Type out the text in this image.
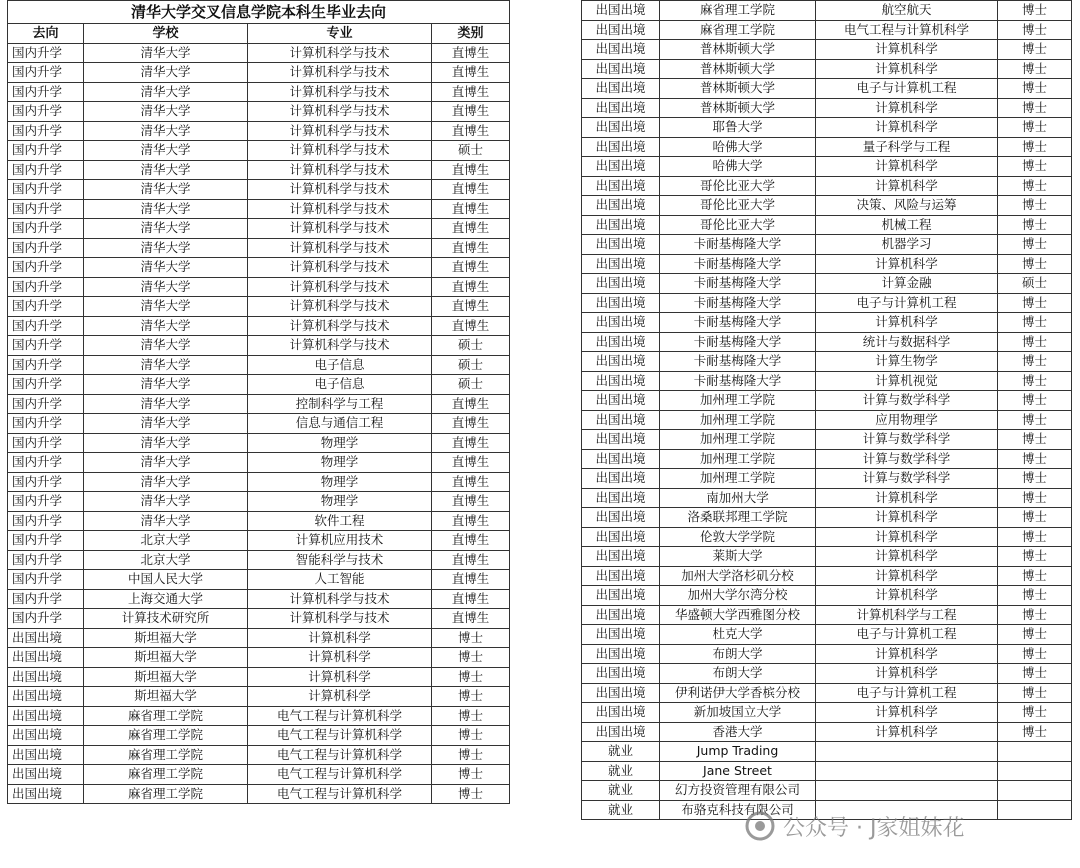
清华大学交叉信息学院本科生毕业去向			
去向	学校	专业	类别
国内升学	清华大学	计算机科学与技术	直博生
国内升学	清华大学	计算机科学与技术	直博生
国内升学	清华大学	计算机科学与技术	直博生
国内升学	清华大学	计算机科学与技术	直博生
国内升学	清华大学	计算机科学与技术	直博生
国内升学	清华大学	计算机科学与技术	硕士
国内升学	清华大学	计算机科学与技术	直博生
国内升学	清华大学	计算机科学与技术	直博生
国内升学	清华大学	计算机科学与技术	直博生
国内升学	清华大学	计算机科学与技术	直博生
国内升学	清华大学	计算机科学与技术	直博生
国内升学	清华大学	计算机科学与技术	直博生
国内升学	清华大学	计算机科学与技术	直博生
国内升学	清华大学	计算机科学与技术	直博生
国内升学	清华大学	计算机科学与技术	直博生
国内升学	清华大学	计算机科学与技术	硕士
国内升学	清华大学	电子信息	硕士
国内升学	清华大学	电子信息	硕士
国内升学	清华大学	控制科学与工程	直博生
国内升学	清华大学	信息与通信工程	直博生
国内升学	清华大学	物理学	直博生
国内升学	清华大学	物理学	直博生
国内升学	清华大学	物理学	直博生
国内升学	清华大学	物理学	直博生
国内升学	清华大学	软件工程	直博生
国内升学	北京大学	计算机应用技术	直博生
国内升学	北京大学	智能科学与技术	直博生
国内升学	中国人民大学	人工智能	直博生
国内升学	上海交通大学	计算机科学与技术	直博生
国内升学	计算技术研究所	计算机科学与技术	直博生
出国出境	斯坦福大学	计算机科学	博士
出国出境	斯坦福大学	计算机科学	博士
出国出境	斯坦福大学	计算机科学	博士
出国出境	斯坦福大学	计算机科学	博士
出国出境	麻省理工学院	电气工程与计算机科学	博士
出国出境	麻省理工学院	电气工程与计算机科学	博士
出国出境	麻省理工学院	电气工程与计算机科学	博士
出国出境	麻省理工学院	电气工程与计算机科学	博士
出国出境	麻省理工学院	电气工程与计算机科学	博士
出国出境	麻省理工学院	航空航天	博士
出国出境	麻省理工学院	电气工程与计算机科学	博士
出国出境	普林斯顿大学	计算机科学	博士
出国出境	普林斯顿大学	计算机科学	博士
出国出境	普林斯顿大学	电子与计算机工程	博士
出国出境	普林斯顿大学	计算机科学	博士
出国出境	耶鲁大学	计算机科学	博士
出国出境	哈佛大学	量子科学与工程	博士
出国出境	哈佛大学	计算机科学	博士
出国出境	哥伦比亚大学	计算机科学	博士
出国出境	哥伦比亚大学	决策、风险与运筹	博士
出国出境	哥伦比亚大学	机械工程	博士
出国出境	卡耐基梅隆大学	机器学习	博士
出国出境	卡耐基梅隆大学	计算机科学	博士
出国出境	卡耐基梅隆大学	计算金融	硕士
出国出境	卡耐基梅隆大学	电子与计算机工程	博士
出国出境	卡耐基梅隆大学	计算机科学	博士
出国出境	卡耐基梅隆大学	统计与数据科学	博士
出国出境	卡耐基梅隆大学	计算生物学	博士
出国出境	卡耐基梅隆大学	计算机视觉	博士
出国出境	加州理工学院	计算与数学科学	博士
出国出境	加州理工学院	应用物理学	博士
出国出境	加州理工学院	计算与数学科学	博士
出国出境	加州理工学院	计算与数学科学	博士
出国出境	加州理工学院	计算与数学科学	博士
出国出境	南加州大学	计算机科学	博士
出国出境	洛桑联邦理工学院	计算机科学	博士
出国出境	伦敦大学学院	计算机科学	博士
出国出境	莱斯大学	计算机科学	博士
出国出境	加州大学洛杉矶分校	计算机科学	博士
出国出境	加州大学尔湾分校	计算机科学	博士
出国出境	华盛顿大学西雅图分校	计算机科学与工程	博士
出国出境	杜克大学	电子与计算机工程	博士
出国出境	布朗大学	计算机科学	博士
出国出境	布朗大学	计算机科学	博士
出国出境	伊利诺伊大学香槟分校	电子与计算机工程	博士
出国出境	新加坡国立大学	计算机科学	博士
出国出境	香港大学	计算机科学	博士
就业	Jump Trading		
就业	Jane Street		
就业	幻方投资管理有限公司		
就业	布骆克科技有限公司		
公众号 · J家姐妹花
